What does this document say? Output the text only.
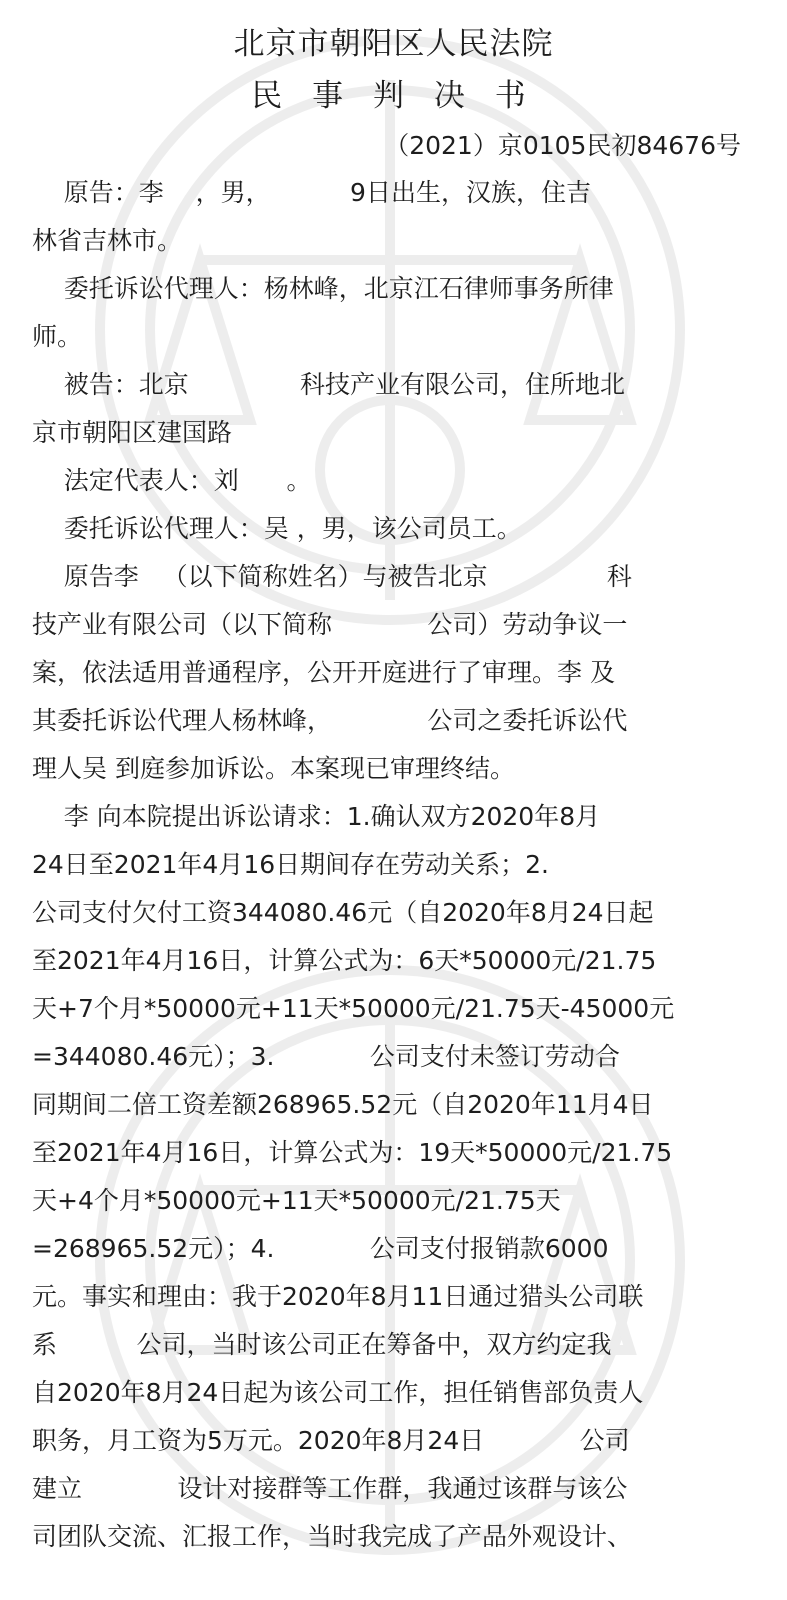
北京市朝阳区人民法院
民 事 判 决 书
（2021）京0105民初84676号

原告：李    ，男，          9日出生，汉族，住吉

林省吉林市。

委托诉讼代理人：杨林峰，北京江石律师事务所律

师。

被告：北京              科技产业有限公司，住所地北

京市朝阳区建国路

法定代表人：刘      。

委托诉讼代理人：吴 ，男，该公司员工。

原告李   （以下简称姓名）与被告北京               科

技产业有限公司（以下简称            公司）劳动争议一

案，依法适用普通程序，公开开庭进行了审理。李 及

其委托诉讼代理人杨林峰，            公司之委托诉讼代

理人吴 到庭参加诉讼。本案现已审理终结。

李 向本院提出诉讼请求：1.确认双方2020年8月

24日至2021年4月16日期间存在劳动关系；2.

公司支付欠付工资344080.46元（自2020年8月24日起

至2021年4月16日，计算公式为：6天*50000元/21.75

天+7个月*50000元+11天*50000元/21.75天-45000元

=344080.46元）；3.            公司支付未签订劳动合

同期间二倍工资差额268965.52元（自2020年11月4日

至2021年4月16日，计算公式为：19天*50000元/21.75

天+4个月*50000元+11天*50000元/21.75天

=268965.52元）；4.            公司支付报销款6000

元。事实和理由：我于2020年8月11日通过猎头公司联

系          公司，当时该公司正在筹备中，双方约定我

自2020年8月24日起为该公司工作，担任销售部负责人

职务，月工资为5万元。2020年8月24日            公司

建立            设计对接群等工作群，我通过该群与该公

司团队交流、汇报工作，当时我完成了产品外观设计、
